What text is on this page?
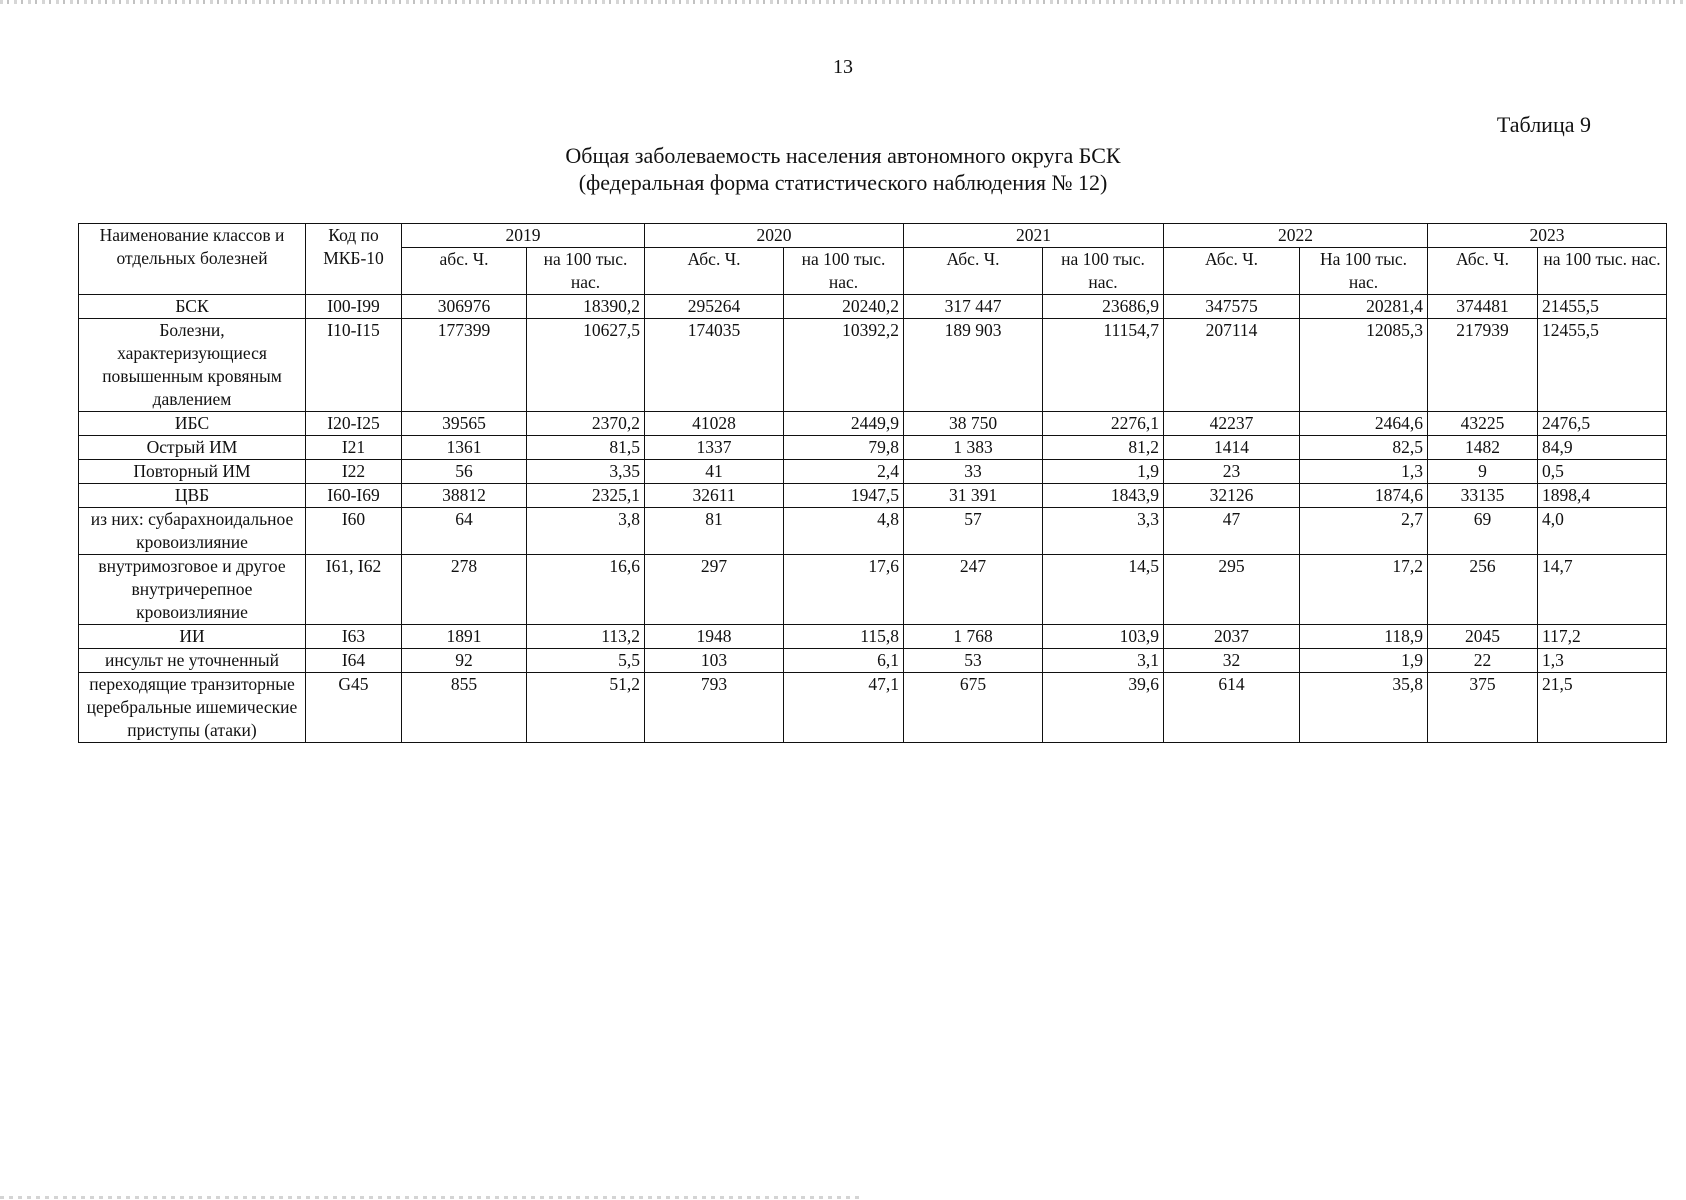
13
Таблица 9
Общая заболеваемость населения автономного округа БСК
(федеральная форма статистического наблюдения № 12)
Наименование классов и отдельных болезней	Код по МКБ-10	2019		2020		2021		2022		2023	
		абс. Ч.	на 100 тыс. нас.	Абс. Ч.	на 100 тыс. нас.	Абс. Ч.	на 100 тыс. нас.	Абс. Ч.	На 100 тыс. нас.	Абс. Ч.	на 100 тыс. нас.
БСК	I00-I99	306976	18390,2	295264	20240,2	317 447	23686,9	347575	20281,4	374481	21455,5
Болезни, характеризующиеся повышенным кровяным давлением	I10-I15	177399	10627,5	174035	10392,2	189 903	11154,7	207114	12085,3	217939	12455,5
ИБС	I20-I25	39565	2370,2	41028	2449,9	38 750	2276,1	42237	2464,6	43225	2476,5
Острый ИМ	I21	1361	81,5	1337	79,8	1 383	81,2	1414	82,5	1482	84,9
Повторный ИМ	I22	56	3,35	41	2,4	33	1,9	23	1,3	9	0,5
ЦВБ	I60-I69	38812	2325,1	32611	1947,5	31 391	1843,9	32126	1874,6	33135	1898,4
из них: субарахноидальное кровоизлияние	I60	64	3,8	81	4,8	57	3,3	47	2,7	69	4,0
внутримозговое и другое внутричерепное кровоизлияние	I61, I62	278	16,6	297	17,6	247	14,5	295	17,2	256	14,7
ИИ	I63	1891	113,2	1948	115,8	1 768	103,9	2037	118,9	2045	117,2
инсульт не уточненный	I64	92	5,5	103	6,1	53	3,1	32	1,9	22	1,3
переходящие транзиторные церебральные ишемические приступы (атаки)	G45	855	51,2	793	47,1	675	39,6	614	35,8	375	21,5
